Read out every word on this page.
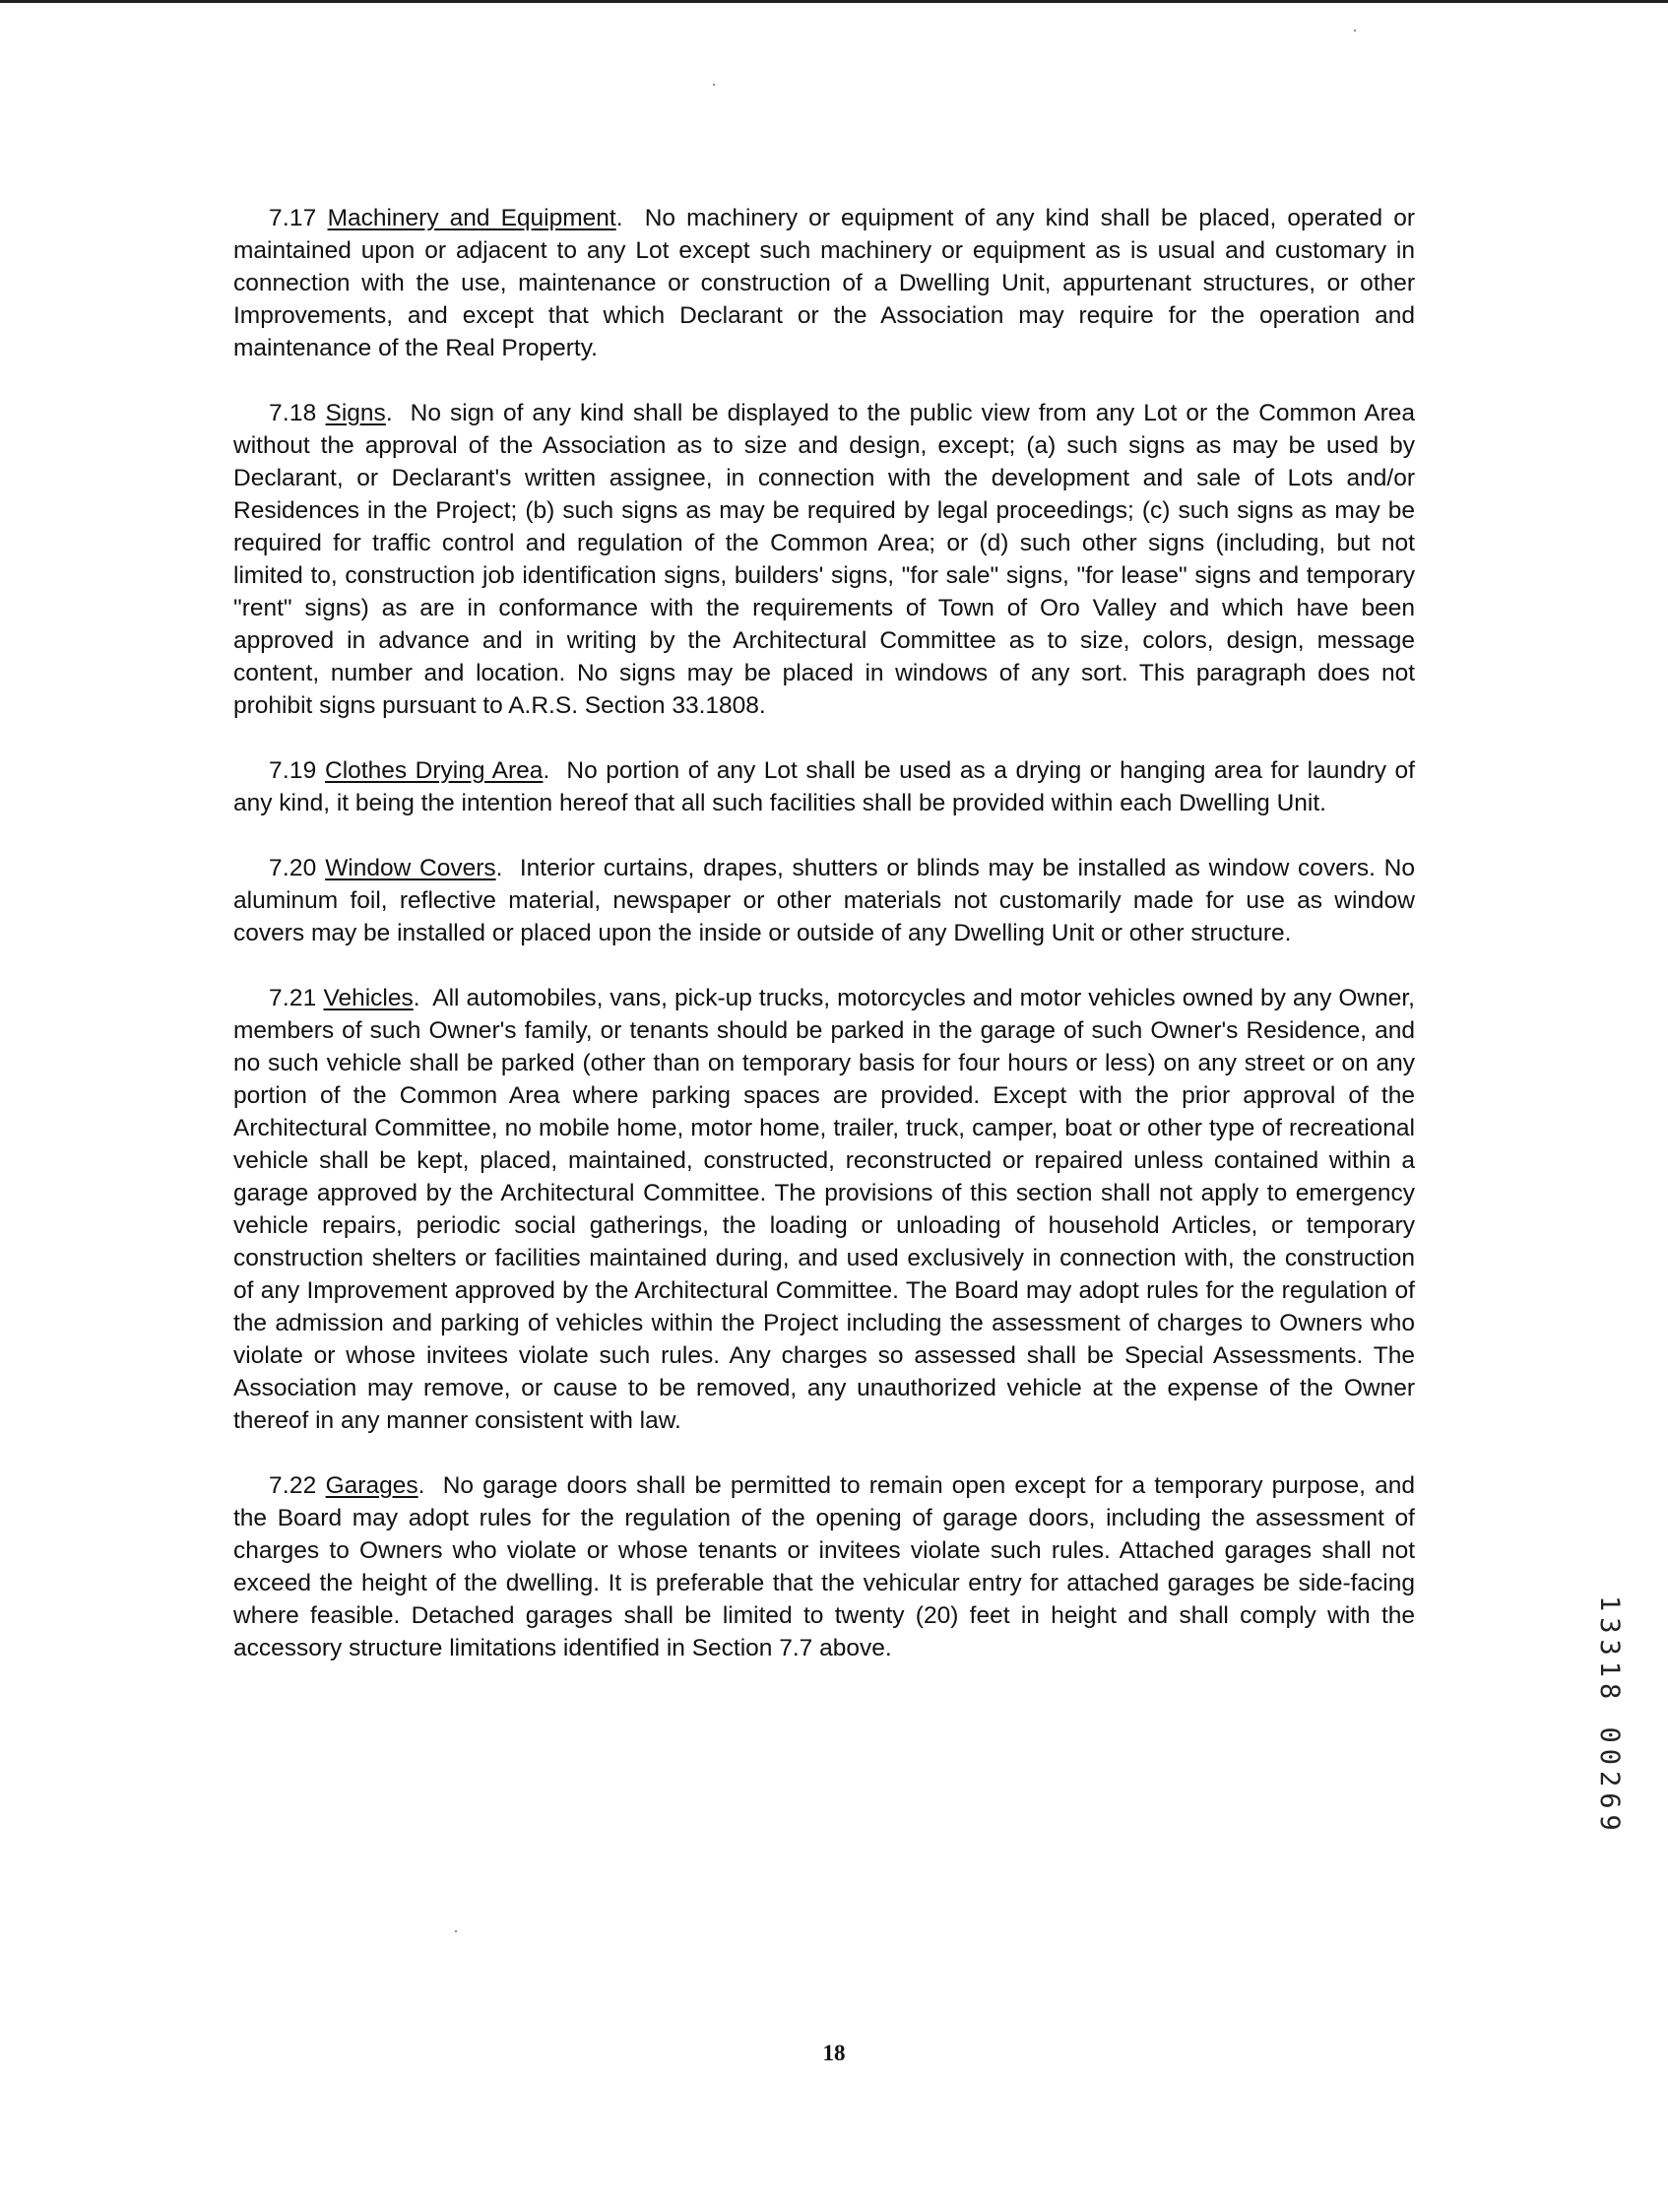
7.17 Machinery and Equipment.  No machinery or equipment of any kind shall be placed, operated or maintained upon or adjacent to any Lot except such machinery or equipment as is usual and customary in connection with the use, maintenance or construction of a Dwelling Unit, appurtenant structures, or other Improvements, and except that which Declarant or the Association may require for the operation and maintenance of the Real Property.

7.18 Signs.  No sign of any kind shall be displayed to the public view from any Lot or the Common Area without the approval of the Association as to size and design, except; (a) such signs as may be used by Declarant, or Declarant's written assignee, in connection with the development and sale of Lots and/or Residences in the Project; (b) such signs as may be required by legal proceedings; (c) such signs as may be required for traffic control and regulation of the Common Area; or (d) such other signs (including, but not limited to, construction job identification signs, builders' signs, "for sale" signs, "for lease" signs and temporary "rent" signs) as are in conformance with the requirements of Town of Oro Valley and which have been approved in advance and in writing by the Architectural Committee as to size, colors, design, message content, number and location. No signs may be placed in windows of any sort. This paragraph does not prohibit signs pursuant to A.R.S. Section 33.1808.

7.19 Clothes Drying Area.  No portion of any Lot shall be used as a drying or hanging area for laundry of any kind, it being the intention hereof that all such facilities shall be provided within each Dwelling Unit.

7.20 Window Covers.  Interior curtains, drapes, shutters or blinds may be installed as window covers. No aluminum foil, reflective material, newspaper or other materials not customarily made for use as window covers may be installed or placed upon the inside or outside of any Dwelling Unit or other structure.

7.21 Vehicles.  All automobiles, vans, pick-up trucks, motorcycles and motor vehicles owned by any Owner, members of such Owner's family, or tenants should be parked in the garage of such Owner's Residence, and no such vehicle shall be parked (other than on temporary basis for four hours or less) on any street or on any portion of the Common Area where parking spaces are provided. Except with the prior approval of the Architectural Committee, no mobile home, motor home, trailer, truck, camper, boat or other type of recreational vehicle shall be kept, placed, maintained, constructed, reconstructed or repaired unless contained within a garage approved by the Architectural Committee. The provisions of this section shall not apply to emergency vehicle repairs, periodic social gatherings, the loading or unloading of household Articles, or temporary construction shelters or facilities maintained during, and used exclusively in connection with, the construction of any Improvement approved by the Architectural Committee. The Board may adopt rules for the regulation of the admission and parking of vehicles within the Project including the assessment of charges to Owners who violate or whose invitees violate such rules. Any charges so assessed shall be Special Assessments. The Association may remove, or cause to be removed, any unauthorized vehicle at the expense of the Owner thereof in any manner consistent with law.

7.22 Garages.  No garage doors shall be permitted to remain open except for a temporary purpose, and the Board may adopt rules for the regulation of the opening of garage doors, including the assessment of charges to Owners who violate or whose tenants or invitees violate such rules. Attached garages shall not exceed the height of the dwelling. It is preferable that the vehicular entry for attached garages be side-facing where feasible. Detached garages shall be limited to twenty (20) feet in height and shall comply with the accessory structure limitations identified in Section 7.7 above.	13318 00269
18
